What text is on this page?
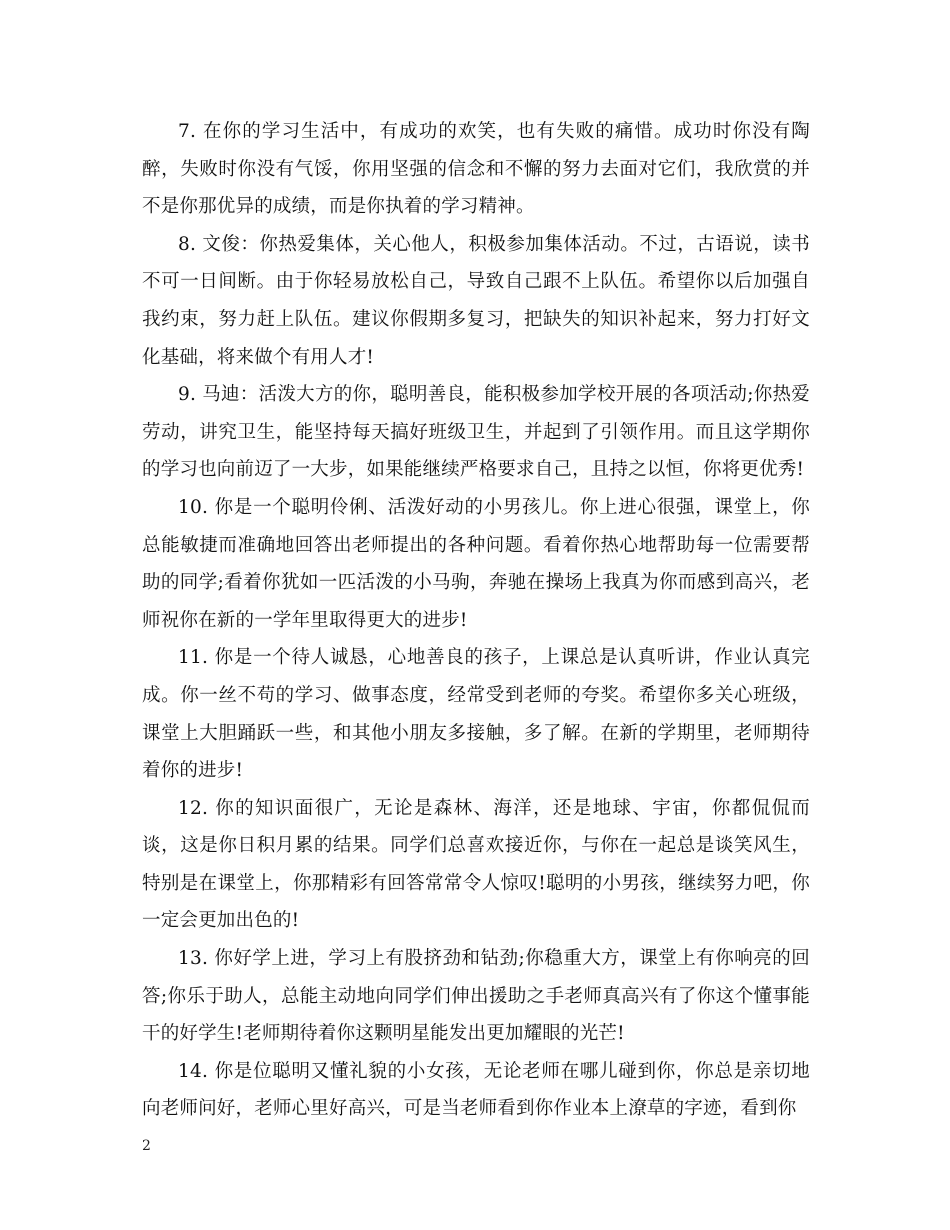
7. 在你的学习生活中，有成功的欢笑，也有失败的痛惜。成功时你没有陶醉，失败时你没有气馁，你用坚强的信念和不懈的努力去面对它们，我欣赏的并不是你那优异的成绩，而是你执着的学习精神。

8. 文俊：你热爱集体，关心他人，积极参加集体活动。不过，古语说，读书不可一日间断。由于你轻易放松自己，导致自己跟不上队伍。希望你以后加强自我约束，努力赶上队伍。建议你假期多复习，把缺失的知识补起来，努力打好文化基础，将来做个有用人才!

9. 马迪：活泼大方的你，聪明善良，能积极参加学校开展的各项活动;你热爱劳动，讲究卫生，能坚持每天搞好班级卫生，并起到了引领作用。而且这学期你的学习也向前迈了一大步，如果能继续严格要求自己，且持之以恒，你将更优秀!

10. 你是一个聪明伶俐、活泼好动的小男孩儿。你上进心很强，课堂上，你总能敏捷而准确地回答出老师提出的各种问题。看着你热心地帮助每一位需要帮助的同学;看着你犹如一匹活泼的小马驹，奔驰在操场上我真为你而感到高兴，老师祝你在新的一学年里取得更大的进步!

11. 你是一个待人诚恳，心地善良的孩子，上课总是认真听讲，作业认真完成。你一丝不苟的学习、做事态度，经常受到老师的夸奖。希望你多关心班级，课堂上大胆踊跃一些，和其他小朋友多接触，多了解。在新的学期里，老师期待着你的进步!

12. 你的知识面很广，无论是森林、海洋，还是地球、宇宙，你都侃侃而谈，这是你日积月累的结果。同学们总喜欢接近你，与你在一起总是谈笑风生，特别是在课堂上，你那精彩有回答常常令人惊叹!聪明的小男孩，继续努力吧，你一定会更加出色的!

13. 你好学上进，学习上有股挤劲和钻劲;你稳重大方，课堂上有你响亮的回答;你乐于助人，总能主动地向同学们伸出援助之手老师真高兴有了你这个懂事能干的好学生!老师期待着你这颗明星能发出更加耀眼的光芒!

14. 你是位聪明又懂礼貌的小女孩，无论老师在哪儿碰到你，你总是亲切地向老师问好，老师心里好高兴，可是当老师看到你作业本上潦草的字迹，看到你

2
